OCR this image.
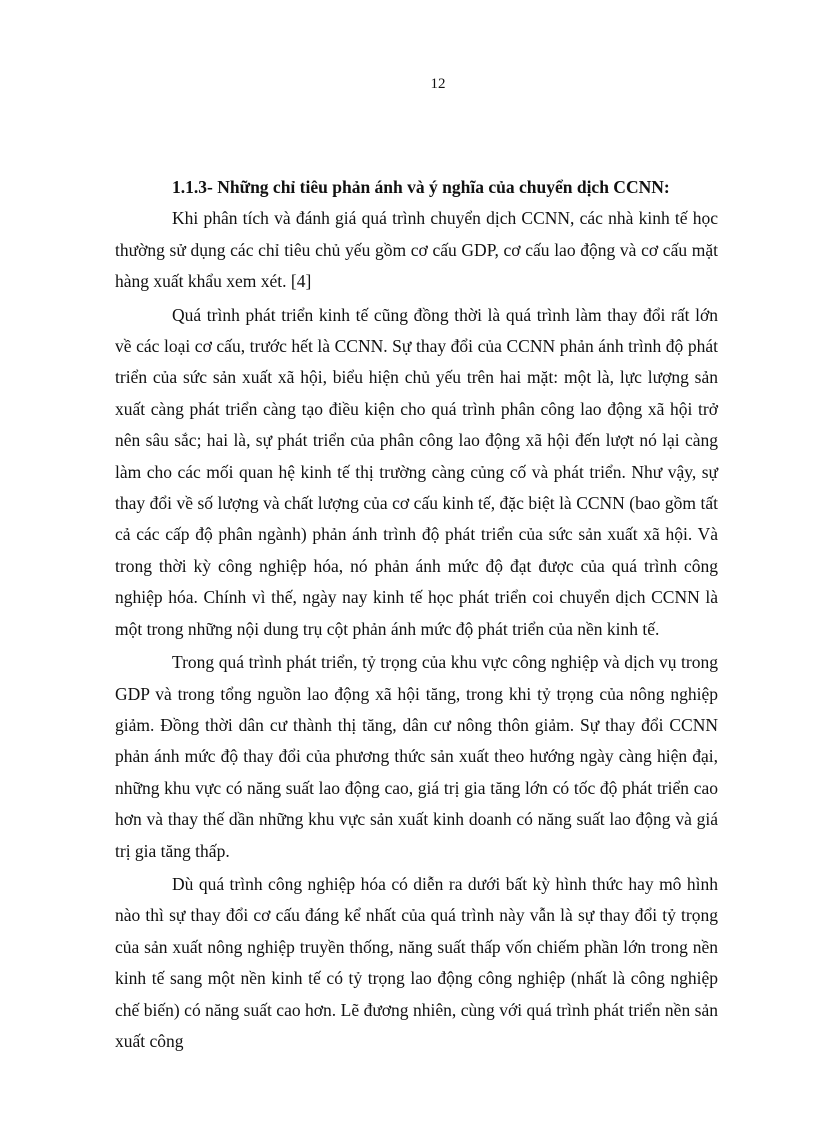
12

1.1.3- Những chỉ tiêu phản ánh và ý nghĩa của chuyển dịch CCNN:

Khi phân tích và đánh giá quá trình chuyển dịch CCNN, các nhà kinh tế học thường sử dụng các chỉ tiêu chủ yếu gồm cơ cấu GDP, cơ cấu lao động và cơ cấu mặt hàng xuất khẩu xem xét. [4]

Quá trình phát triển kinh tế cũng đồng thời là quá trình làm thay đổi rất lớn về các loại cơ cấu, trước hết là CCNN. Sự thay đổi của CCNN phản ánh trình độ phát triển của sức sản xuất xã hội, biểu hiện chủ yếu trên hai mặt: một là, lực lượng sản xuất càng phát triển càng tạo điều kiện cho quá trình phân công lao động xã hội trở nên sâu sắc; hai là, sự phát triển của phân công lao động xã hội đến lượt nó lại càng làm cho các mối quan hệ kinh tế thị trường càng củng cố và phát triển. Như vậy, sự thay đổi về số lượng và chất lượng của cơ cấu kinh tế, đặc biệt là CCNN (bao gồm tất cả các cấp độ phân ngành) phản ánh trình độ phát triển của sức sản xuất xã hội. Và trong thời kỳ công nghiệp hóa, nó phản ánh mức độ đạt được của quá trình công nghiệp hóa. Chính vì thế, ngày nay kinh tế học phát triển coi chuyển dịch CCNN là một trong những nội dung trụ cột phản ánh mức độ phát triển của nền kinh tế.

Trong quá trình phát triển, tỷ trọng của khu vực công nghiệp và dịch vụ trong GDP và trong tổng nguồn lao động xã hội tăng, trong khi tỷ trọng của nông nghiệp giảm. Đồng thời dân cư thành thị tăng, dân cư nông thôn giảm. Sự thay đổi CCNN phản ánh mức độ thay đổi của phương thức sản xuất theo hướng ngày càng hiện đại, những khu vực có năng suất lao động cao, giá trị gia tăng lớn có tốc độ phát triển cao hơn và thay thế dần những khu vực sản xuất kinh doanh có năng suất lao động và giá trị gia tăng thấp.

Dù quá trình công nghiệp hóa có diễn ra dưới bất kỳ hình thức hay mô hình nào thì sự thay đổi cơ cấu đáng kể nhất của quá trình này vẫn là sự thay đổi tỷ trọng của sản xuất nông nghiệp truyền thống, năng suất thấp vốn chiếm phần lớn trong nền kinh tế sang một nền kinh tế có tỷ trọng lao động công nghiệp (nhất là công nghiệp chế biến) có năng suất cao hơn. Lẽ đương nhiên, cùng với quá trình phát triển nền sản xuất công
